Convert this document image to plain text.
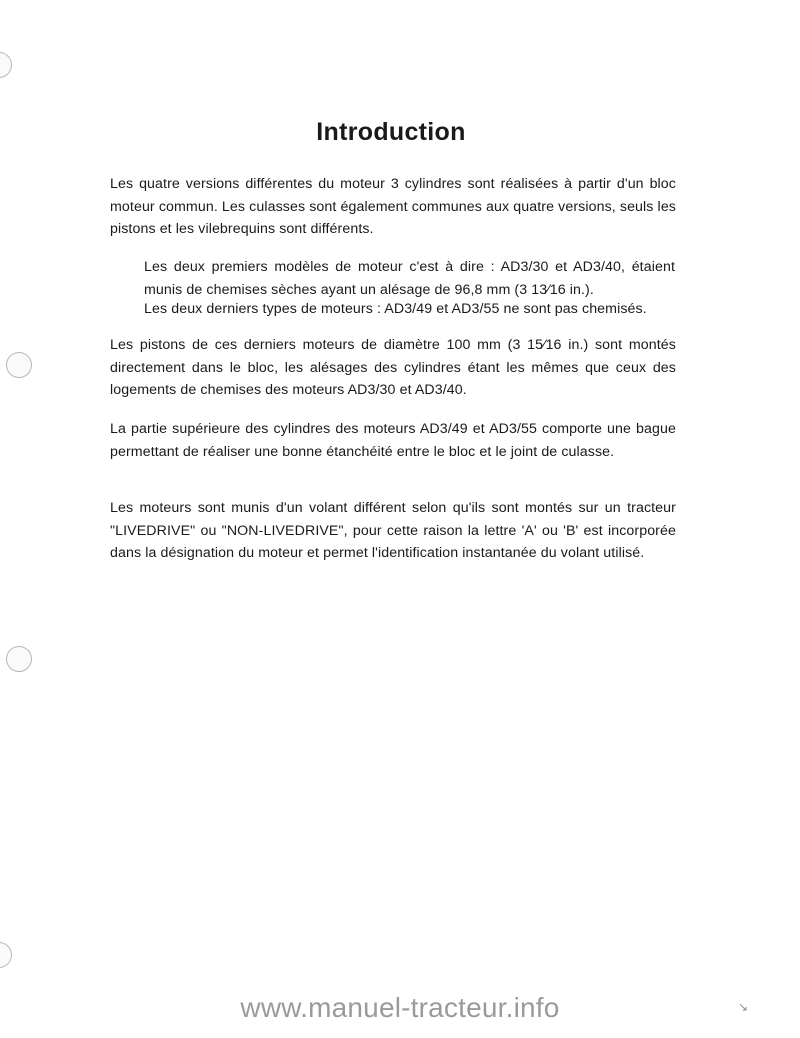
Introduction

Les quatre versions différentes du moteur 3 cylindres sont réalisées à partir d'un bloc moteur commun. Les culasses sont également communes aux quatre versions, seuls les pistons et les vilebrequins sont différents.

Les deux premiers modèles de moteur c'est à dire : AD3/30 et AD3/40, étaient munis de chemises sèches ayant un alésage de 96,8 mm (3 13⁄16 in.).

Les deux derniers types de moteurs : AD3/49 et AD3/55 ne sont pas chemisés.

Les pistons de ces derniers moteurs de diamètre 100 mm (3 15⁄16 in.) sont montés directement dans le bloc, les alésages des cylindres étant les mêmes que ceux des logements de chemises des moteurs AD3/30 et AD3/40.

La partie supérieure des cylindres des moteurs AD3/49 et AD3/55 comporte une bague permettant de réaliser une bonne étanchéité entre le bloc et le joint de culasse.

Les moteurs sont munis d'un volant différent selon qu'ils sont montés sur un tracteur "LIVEDRIVE" ou "NON-LIVEDRIVE", pour cette raison la lettre 'A' ou 'B' est incorporée dans la désignation du moteur et permet l'identification instantanée du volant utilisé.

www.manuel-tracteur.info	↘
